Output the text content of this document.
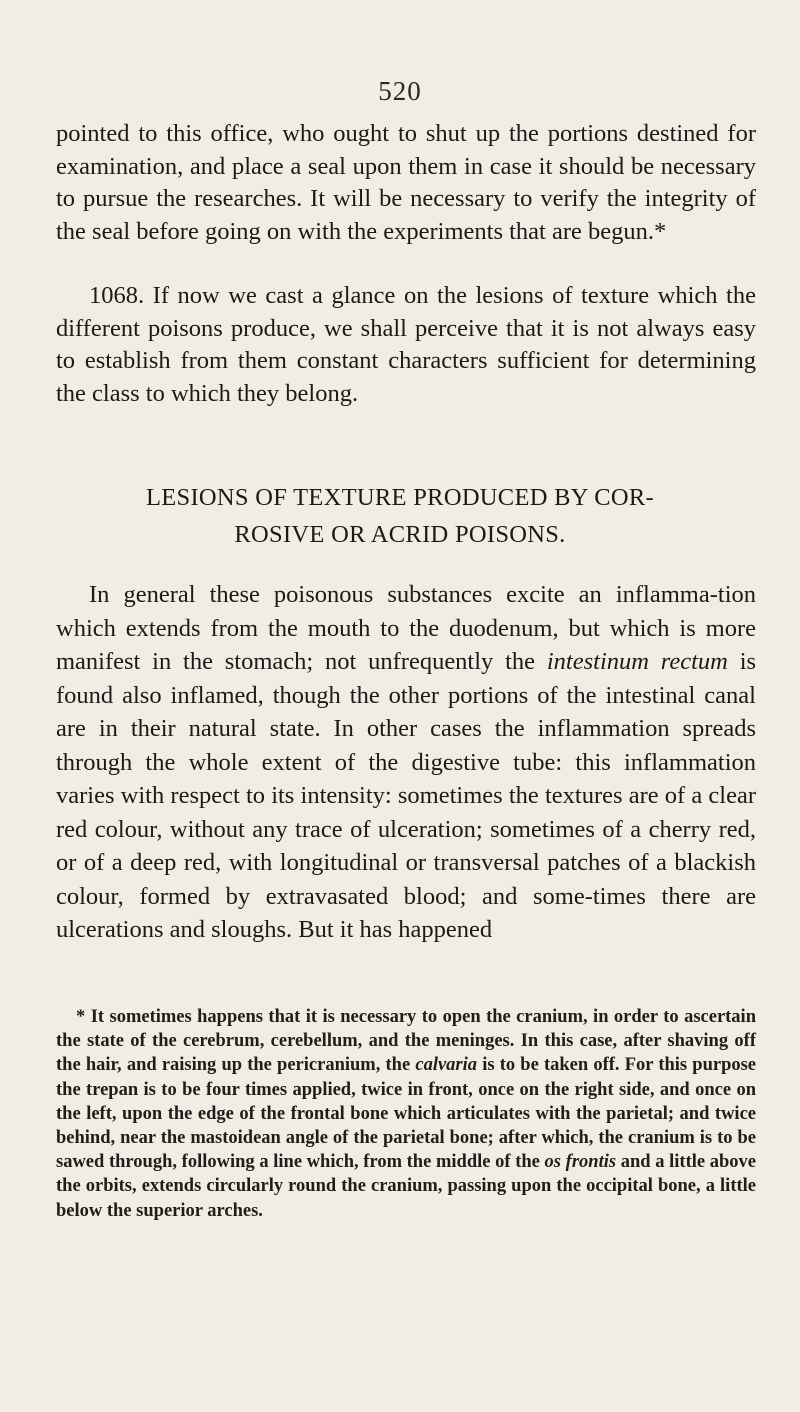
520

pointed to this office, who ought to shut up the portions destined for examination, and place a seal upon them in case it should be necessary to pursue the researches. It will be necessary to verify the integrity of the seal before going on with the experiments that are begun.*

1068. If now we cast a glance on the lesions of texture which the different poisons produce, we shall perceive that it is not always easy to establish from them constant characters sufficient for determining the class to which they belong.

LESIONS OF TEXTURE PRODUCED BY COR-
ROSIVE OR ACRID POISONS.

In general these poisonous substances excite an inflamma-tion which extends from the mouth to the duodenum, but which is more manifest in the stomach; not unfrequently the intestinum rectum is found also inflamed, though the other portions of the intestinal canal are in their natural state. In other cases the inflammation spreads through the whole extent of the digestive tube: this inflammation varies with respect to its intensity: sometimes the textures are of a clear red colour, without any trace of ulceration; sometimes of a cherry red, or of a deep red, with longitudinal or transversal patches of a blackish colour, formed by extravasated blood; and some-times there are ulcerations and sloughs. But it has happened

* It sometimes happens that it is necessary to open the cranium, in order to ascertain the state of the cerebrum, cerebellum, and the meninges. In this case, after shaving off the hair, and raising up the pericranium, the calvaria is to be taken off. For this purpose the trepan is to be four times applied, twice in front, once on the right side, and once on the left, upon the edge of the frontal bone which articulates with the parietal; and twice behind, near the mastoidean angle of the parietal bone; after which, the cranium is to be sawed through, following a line which, from the middle of the os frontis and a little above the orbits, extends circularly round the cranium, passing upon the occipital bone, a little below the superior arches.
